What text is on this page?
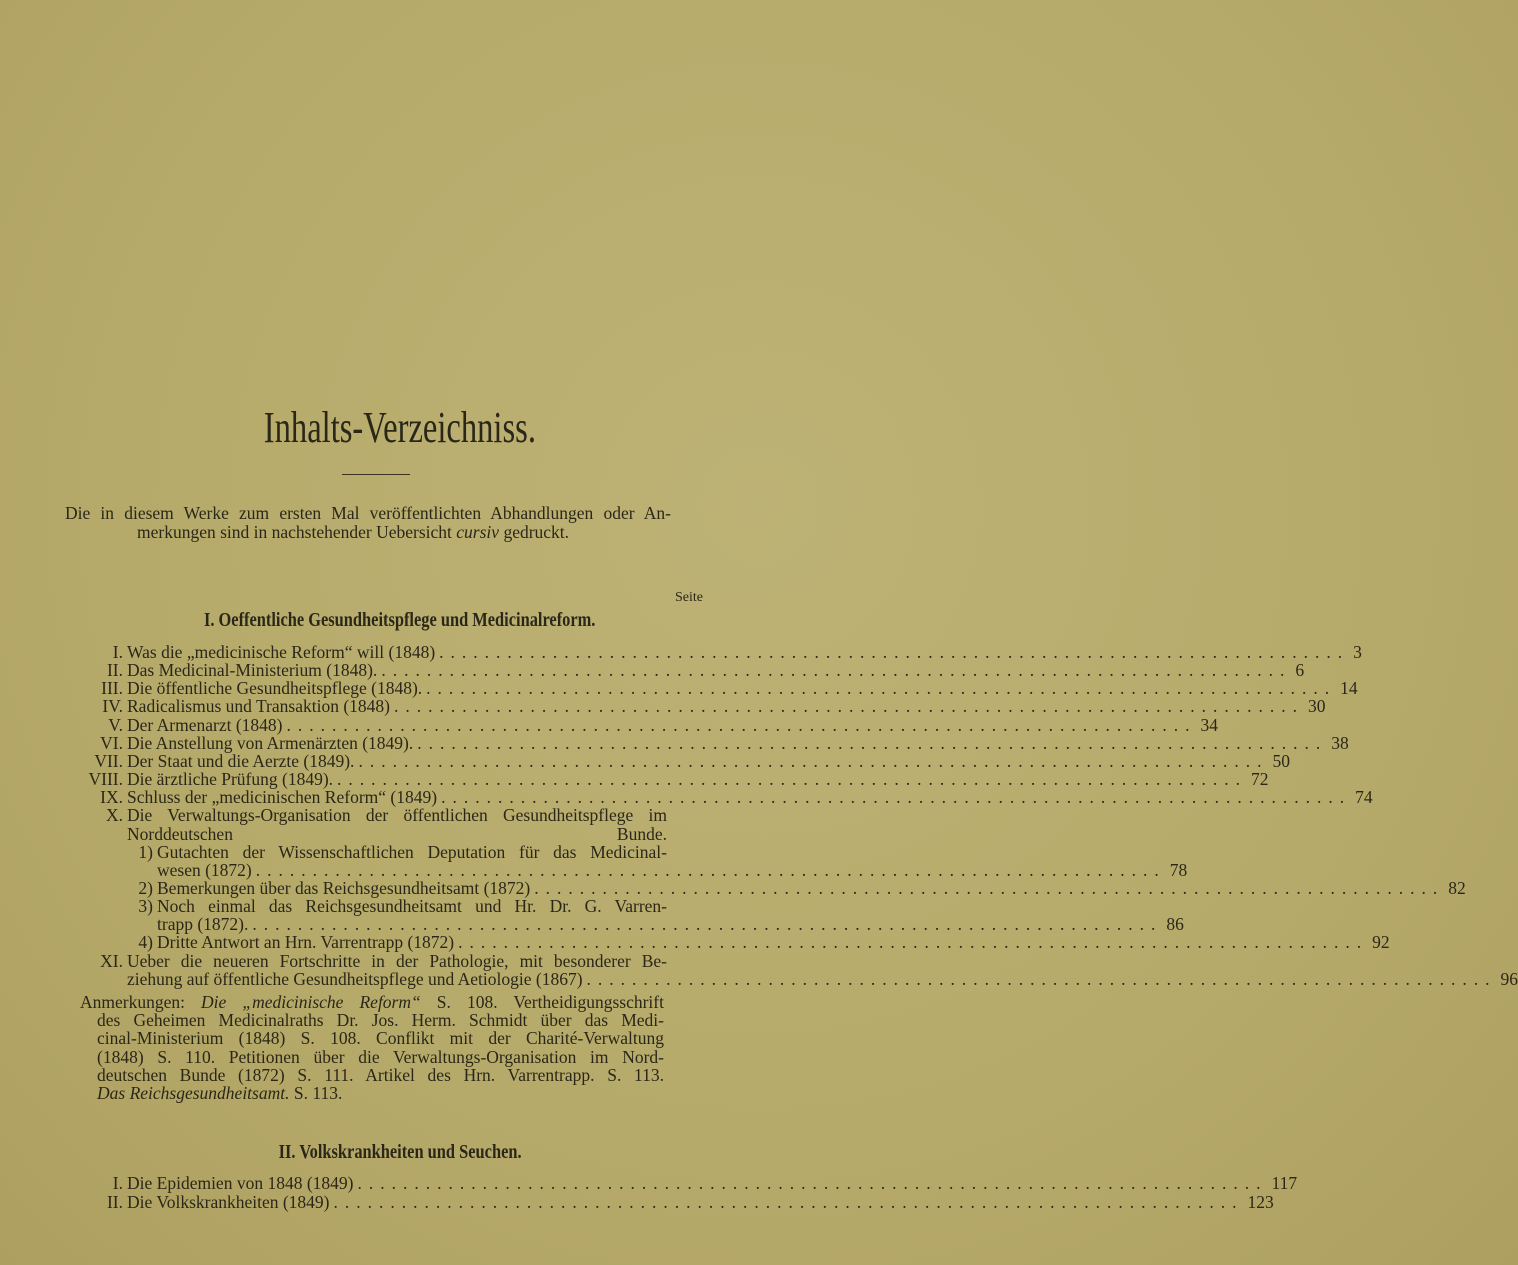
Inhalts-Verzeichniss.
Die in diesem Werke zum ersten Mal veröffentlichten Abhandlungen oder An-
merkungen sind in nachstehender Uebersicht cursiv gedruckt.
Seite
I. Oeffentliche Gesundheitspflege und Medicinalreform.
I. Was die „medicinische Reform“ will (1848) ................................................................................ 3
II. Das Medicinal-Ministerium (1848). ................................................................................ 6
III. Die öffentliche Gesundheitspflege (1848). ................................................................................ 14
IV. Radicalismus und Transaktion (1848) ................................................................................ 30
V. Der Armenarzt (1848) ................................................................................ 34
VI. Die Anstellung von Armenärzten (1849). ................................................................................ 38
VII. Der Staat und die Aerzte (1849). ................................................................................ 50
VIII. Die ärztliche Prüfung (1849). ................................................................................ 72
IX. Schluss der „medicinischen Reform“ (1849) ................................................................................ 74
X. Die Verwaltungs-Organisation der öffentlichen Gesundheitspflege im
Norddeutschen Bunde.
1) Gutachten der Wissenschaftlichen Deputation für das Medicinal-
wesen (1872) ................................................................................ 78
2) Bemerkungen über das Reichsgesundheitsamt (1872) ................................................................................ 82
3) Noch einmal das Reichsgesundheitsamt und Hr. Dr. G. Varren-
trapp (1872). ................................................................................ 86
4) Dritte Antwort an Hrn. Varrentrapp (1872) ................................................................................ 92
XI. Ueber die neueren Fortschritte in der Pathologie, mit besonderer Be-
ziehung auf öffentliche Gesundheitspflege und Aetiologie (1867) ................................................................................ 96
Anmerkungen: Die „medicinische Reform“ S. 108. Vertheidigungsschrift
des Geheimen Medicinalraths Dr. Jos. Herm. Schmidt über das Medi-
cinal-Ministerium (1848) S. 108. Conflikt mit der Charité-Verwaltung
(1848) S. 110. Petitionen über die Verwaltungs-Organisation im Nord-
deutschen Bunde (1872) S. 111. Artikel des Hrn. Varrentrapp. S. 113.
Das Reichsgesundheitsamt. S. 113.
II. Volkskrankheiten und Seuchen.
I. Die Epidemien von 1848 (1849) ................................................................................ 117
II. Die Volkskrankheiten (1849) ................................................................................ 123
